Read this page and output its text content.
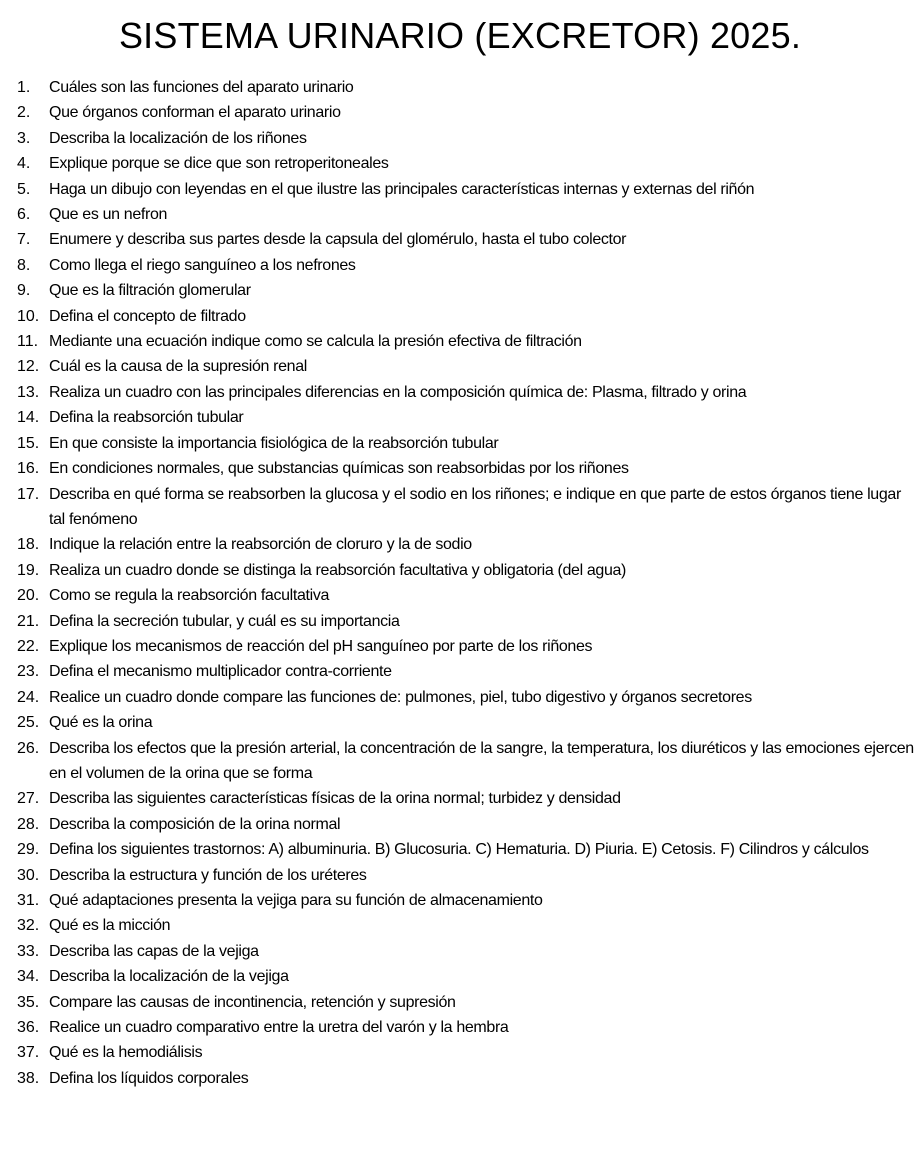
SISTEMA URINARIO (EXCRETOR) 2025.
1.	Cuáles son las funciones del aparato urinario
2.	Que órganos conforman el aparato urinario
3.	Describa la localización de los riñones
4.	Explique porque se dice que son retroperitoneales
5.	Haga un dibujo con leyendas en el que ilustre las principales características internas y externas del riñón
6.	Que es un nefron
7.	Enumere y describa sus partes desde la capsula del glomérulo, hasta el tubo colector
8.	Como llega el riego sanguíneo a los nefrones
9.	Que es la filtración glomerular
10. Defina el concepto de filtrado
11. Mediante una ecuación indique como se calcula la presión efectiva de filtración
12. Cuál es la causa de la supresión renal
13. Realiza un cuadro con las principales diferencias en la composición química de: Plasma, filtrado y orina
14. Defina la reabsorción tubular
15. En que consiste la importancia fisiológica de la reabsorción tubular
16. En condiciones normales, que substancias químicas son reabsorbidas por los riñones
17. Describa en qué forma se reabsorben la glucosa y el sodio en los riñones; e indique en que parte de estos órganos tiene lugar tal fenómeno
18. Indique la relación entre la reabsorción de cloruro y la de sodio
19. Realiza un cuadro donde se distinga la reabsorción facultativa y obligatoria (del agua)
20. Como se regula la reabsorción facultativa
21. Defina la secreción tubular, y cuál es su importancia
22. Explique los mecanismos de reacción del pH sanguíneo por parte de los riñones
23. Defina el mecanismo multiplicador contra-corriente
24. Realice un cuadro donde compare las funciones de: pulmones, piel, tubo digestivo y órganos secretores
25. Qué es la orina
26. Describa los efectos que la presión arterial, la concentración de la sangre, la temperatura, los diuréticos y las emociones ejercen en el volumen de la orina que se forma
27. Describa las siguientes características físicas de la orina normal; turbidez y densidad
28. Describa la composición de la orina normal
29. Defina los siguientes trastornos: A) albuminuria. B) Glucosuria. C) Hematuria. D) Piuria. E) Cetosis. F) Cilindros y cálculos
30. Describa la estructura y función de los uréteres
31. Qué adaptaciones presenta la vejiga para su función de almacenamiento
32. Qué es la micción
33. Describa las capas de la vejiga
34. Describa la localización de la vejiga
35. Compare las causas de incontinencia, retención y supresión
36. Realice un cuadro comparativo entre la uretra del varón y la hembra
37. Qué es la hemodiálisis
38. Defina los líquidos corporales
